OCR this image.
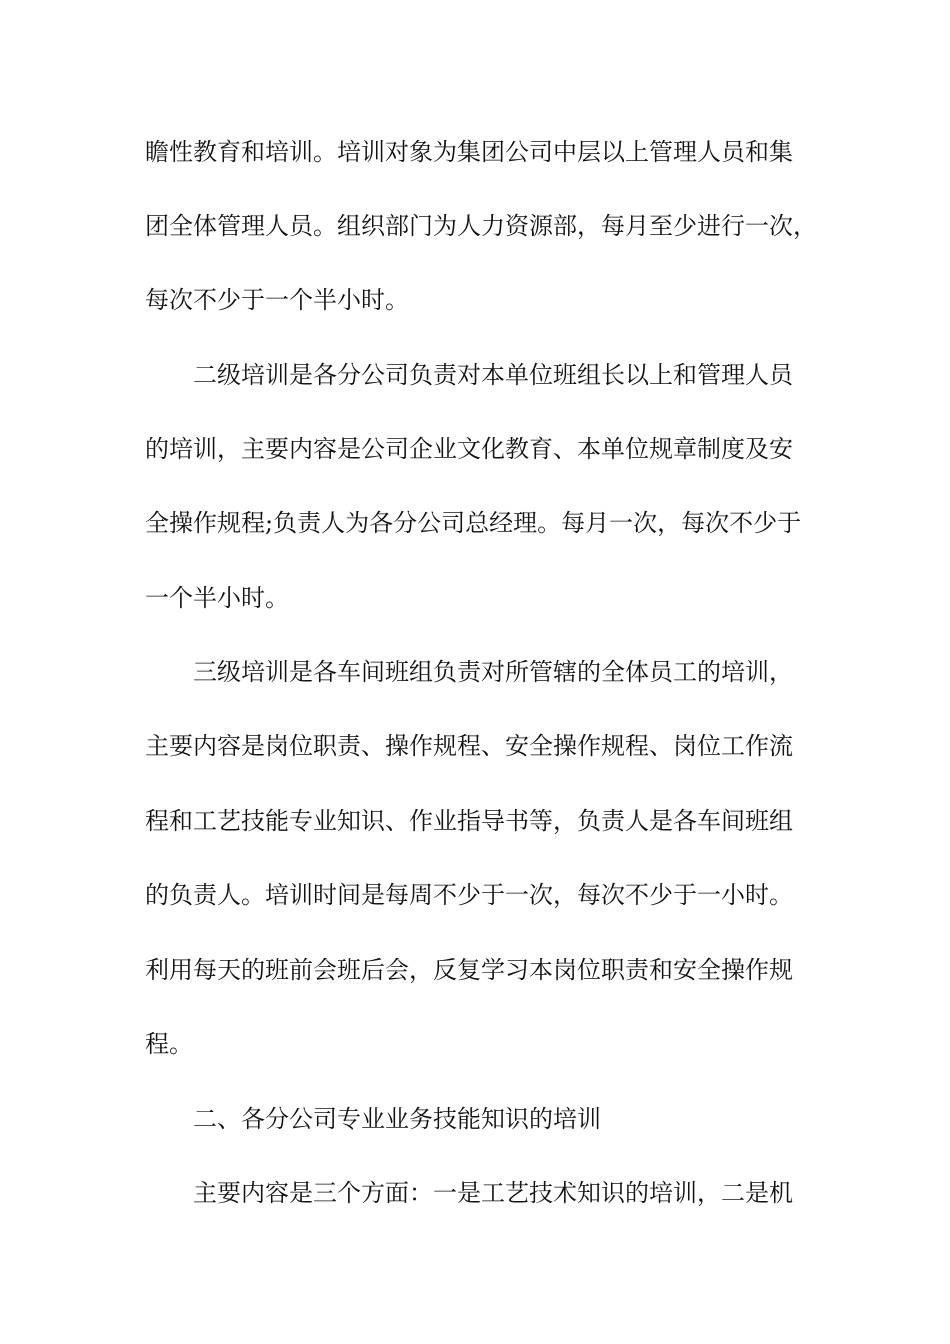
瞻性教育和培训。培训对象为集团公司中层以上管理人员和集
团全体管理人员。组织部门为人力资源部，每月至少进行一次，
每次不少于一个半小时。
二级培训是各分公司负责对本单位班组长以上和管理人员
的培训，主要内容是公司企业文化教育、本单位规章制度及安
全操作规程;负责人为各分公司总经理。每月一次，每次不少于
一个半小时。
三级培训是各车间班组负责对所管辖的全体员工的培训，
主要内容是岗位职责、操作规程、安全操作规程、岗位工作流
程和工艺技能专业知识、作业指导书等，负责人是各车间班组
的负责人。培训时间是每周不少于一次，每次不少于一小时。
利用每天的班前会班后会，反复学习本岗位职责和安全操作规
程。
二、各分公司专业业务技能知识的培训
主要内容是三个方面：一是工艺技术知识的培训，二是机
